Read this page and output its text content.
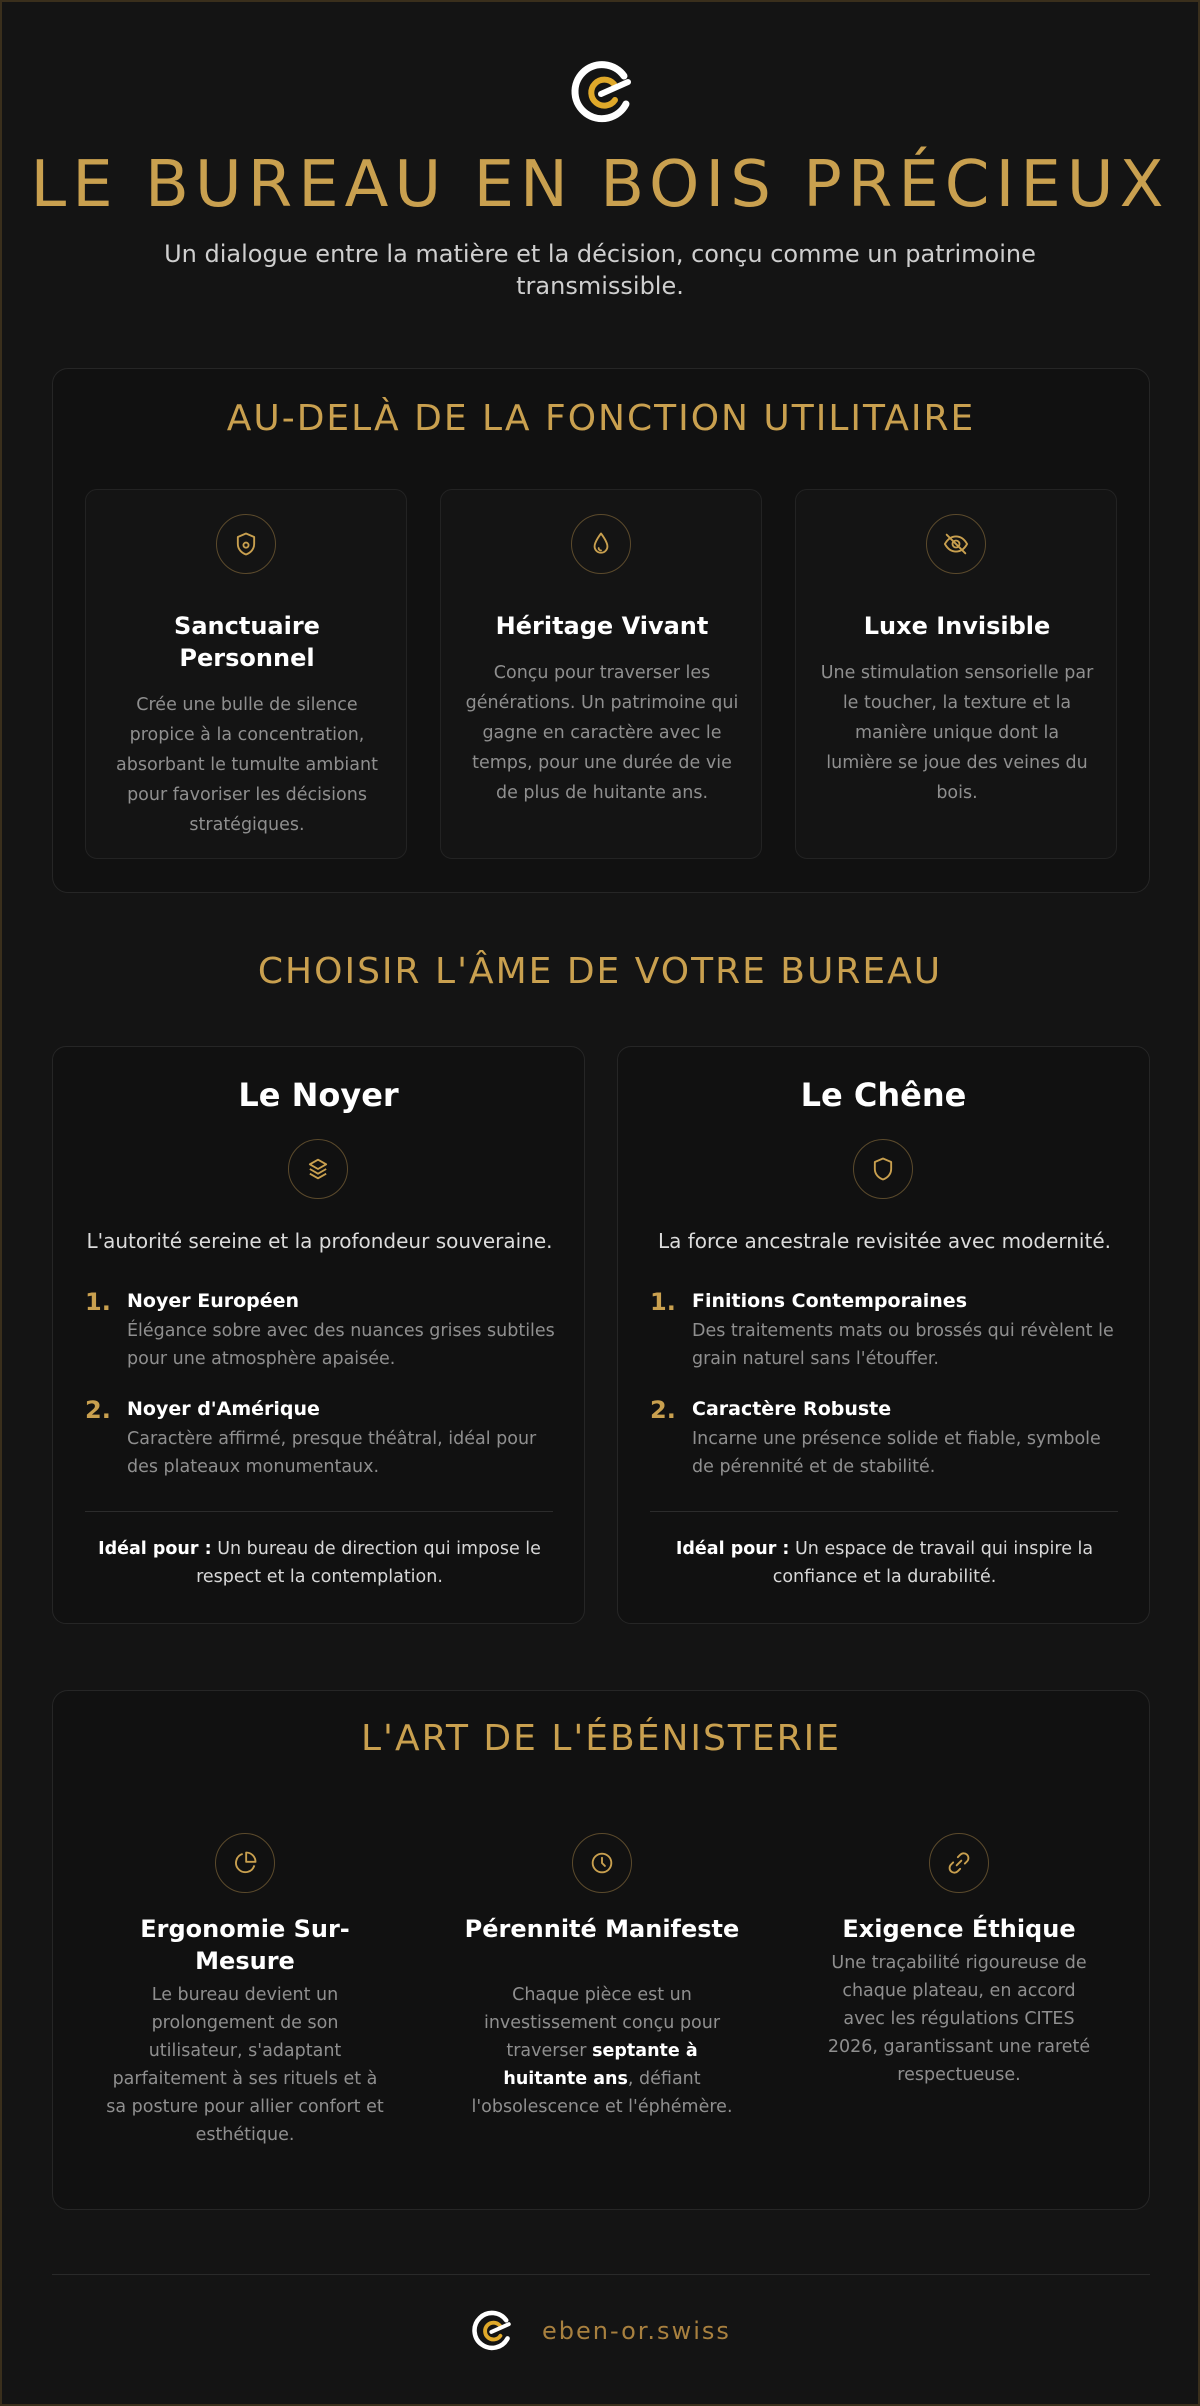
LE BUREAU EN BOIS PRÉCIEUX
Un dialogue entre la matière et la décision, conçu comme un patrimoine transmissible.
AU-DELÀ DE LA FONCTION UTILITAIRE
Sanctuaire Personnel
Crée une bulle de silence propice à la concentration, absorbant le tumulte ambiant pour favoriser les décisions stratégiques.
Héritage Vivant
Conçu pour traverser les générations. Un patrimoine qui gagne en caractère avec le temps, pour une durée de vie de plus de huitante ans.
Luxe Invisible
Une stimulation sensorielle par le toucher, la texture et la manière unique dont la lumière se joue des veines du bois.
CHOISIR L'ÂME DE VOTRE BUREAU
Le Noyer
L'autorité sereine et la profondeur souveraine.
1. Noyer Européen
Élégance sobre avec des nuances grises subtiles pour une atmosphère apaisée.
2. Noyer d'Amérique
Caractère affirmé, presque théâtral, idéal pour des plateaux monumentaux.
Idéal pour : Un bureau de direction qui impose le respect et la contemplation.
Le Chêne
La force ancestrale revisitée avec modernité.
1. Finitions Contemporaines
Des traitements mats ou brossés qui révèlent le grain naturel sans l'étouffer.
2. Caractère Robuste
Incarne une présence solide et fiable, symbole de pérennité et de stabilité.
Idéal pour : Un espace de travail qui inspire la confiance et la durabilité.
L'ART DE L'ÉBÉNISTERIE
Ergonomie Sur-Mesure
Le bureau devient un prolongement de son utilisateur, s'adaptant parfaitement à ses rituels et à sa posture pour allier confort et esthétique.
Pérennité Manifeste
Chaque pièce est un investissement conçu pour traverser septante à huitante ans, défiant l'obsolescence et l'éphémère.
Exigence Éthique
Une traçabilité rigoureuse de chaque plateau, en accord avec les régulations CITES 2026, garantissant une rareté respectueuse.
eben-or.swiss
